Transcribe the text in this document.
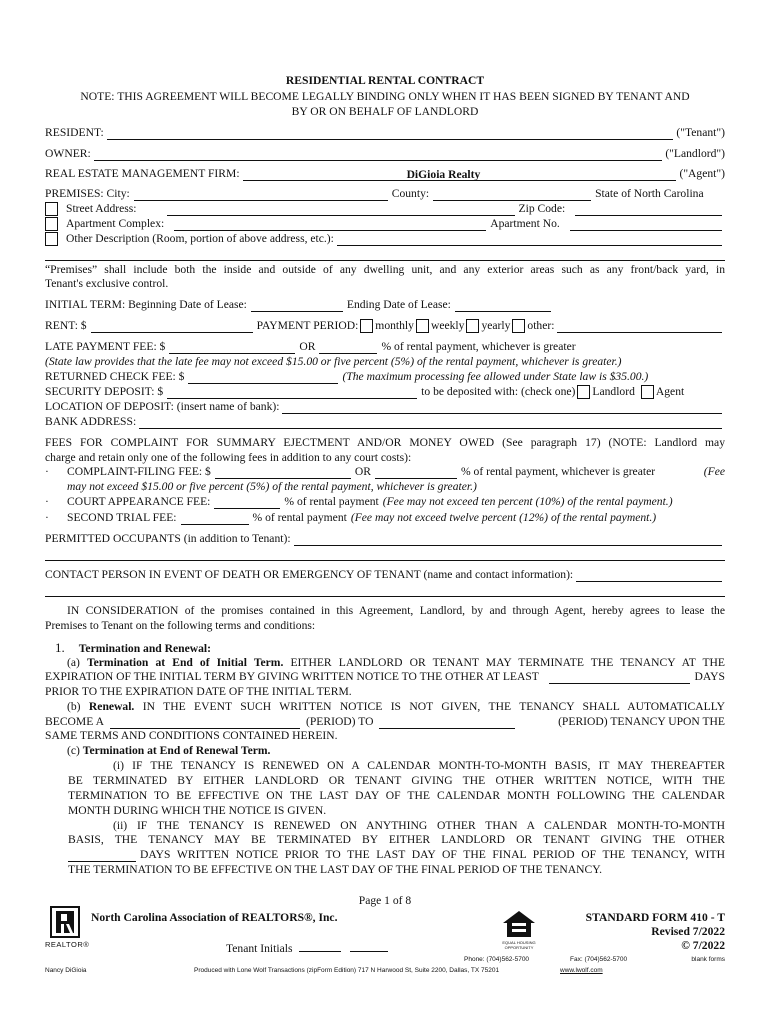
RESIDENTIAL RENTAL CONTRACT
NOTE: THIS AGREEMENT WILL BECOME LEGALLY BINDING ONLY WHEN IT HAS BEEN SIGNED BY TENANT AND
BY OR ON BEHALF OF LANDLORD
RESIDENT:	("Tenant")
OWNER:	("Landlord")
REAL ESTATE MANAGEMENT FIRM:	DiGioia Realty	("Agent")
PREMISES: City:	County:	State of North Carolina
Street Address:	Zip Code:
Apartment Complex:	Apartment No.
Other Description (Room, portion of above address, etc.):
“Premises” shall include both the inside and outside of any dwelling unit, and any exterior areas such as any front/back yard, in
Tenant's exclusive control.
INITIAL TERM: Beginning Date of Lease:	Ending Date of Lease:
RENT: $	PAYMENT PERIOD: monthly weekly yearly other:
LATE PAYMENT FEE: $	OR	% of rental payment, whichever is greater
(State law provides that the late fee may not exceed $15.00 or five percent (5%) of the rental payment, whichever is greater.)
RETURNED CHECK FEE: $	(The maximum processing fee allowed under State law is $35.00.)
SECURITY DEPOSIT: $	to be deposited with: (check one) Landlord Agent
LOCATION OF DEPOSIT: (insert name of bank):
BANK ADDRESS:
FEES FOR COMPLAINT FOR SUMMARY EJECTMENT AND/OR MONEY OWED (See paragraph 17) (NOTE: Landlord may
charge and retain only one of the following fees in addition to any court costs):
·	COMPLAINT-FILING FEE: $	OR	% of rental payment, whichever is greater	(Fee
may not exceed $15.00 or five percent (5%) of the rental payment, whichever is greater.)
·	COURT APPEARANCE FEE:	% of rental payment (Fee may not exceed ten percent (10%) of the rental payment.)
·	SECOND TRIAL FEE:	% of rental payment (Fee may not exceed twelve percent (12%) of the rental payment.)
PERMITTED OCCUPANTS (in addition to Tenant):
CONTACT PERSON IN EVENT OF DEATH OR EMERGENCY OF TENANT (name and contact information):
IN CONSIDERATION of the promises contained in this Agreement, Landlord, by and through Agent, hereby agrees to lease the
Premises to Tenant on the following terms and conditions:
1. Termination and Renewal:
(a) Termination at End of Initial Term. EITHER LANDLORD OR TENANT MAY TERMINATE THE TENANCY AT THE
EXPIRATION OF THE INITIAL TERM BY GIVING WRITTEN NOTICE TO THE OTHER AT LEAST	DAYS
PRIOR TO THE EXPIRATION DATE OF THE INITIAL TERM.
(b) Renewal. IN THE EVENT SUCH WRITTEN NOTICE IS NOT GIVEN, THE TENANCY SHALL AUTOMATICALLY
BECOME A	(PERIOD) TO	(PERIOD) TENANCY UPON THE
SAME TERMS AND CONDITIONS CONTAINED HEREIN.
(c) Termination at End of Renewal Term.
(i) IF THE TENANCY IS RENEWED ON A CALENDAR MONTH-TO-MONTH BASIS, IT MAY THEREAFTER
BE TERMINATED BY EITHER LANDLORD OR TENANT GIVING THE OTHER WRITTEN NOTICE, WITH THE
TERMINATION TO BE EFFECTIVE ON THE LAST DAY OF THE CALENDAR MONTH FOLLOWING THE CALENDAR
MONTH DURING WHICH THE NOTICE IS GIVEN.
(ii) IF THE TENANCY IS RENEWED ON ANYTHING OTHER THAN A CALENDAR MONTH-TO-MONTH
BASIS, THE TENANCY MAY BE TERMINATED BY EITHER LANDLORD OR TENANT GIVING THE OTHER
DAYS WRITTEN NOTICE PRIOR TO THE LAST DAY OF THE FINAL PERIOD OF THE TENANCY, WITH
THE TERMINATION TO BE EFFECTIVE ON THE LAST DAY OF THE FINAL PERIOD OF THE TENANCY.
Page 1 of 8
REALTOR®
North Carolina Association of REALTORS®, Inc.
Tenant Initials	EQUAL HOUSING OPPORTUNITY
STANDARD FORM 410 - T
Revised 7/2022
© 7/2022
Phone: (704)562-5700	Fax: (704)562-5700	blank forms
Nancy DiGioia	Produced with Lone Wolf Transactions (zipForm Edition) 717 N Harwood St, Suite 2200, Dallas, TX 75201	www.lwolf.com
